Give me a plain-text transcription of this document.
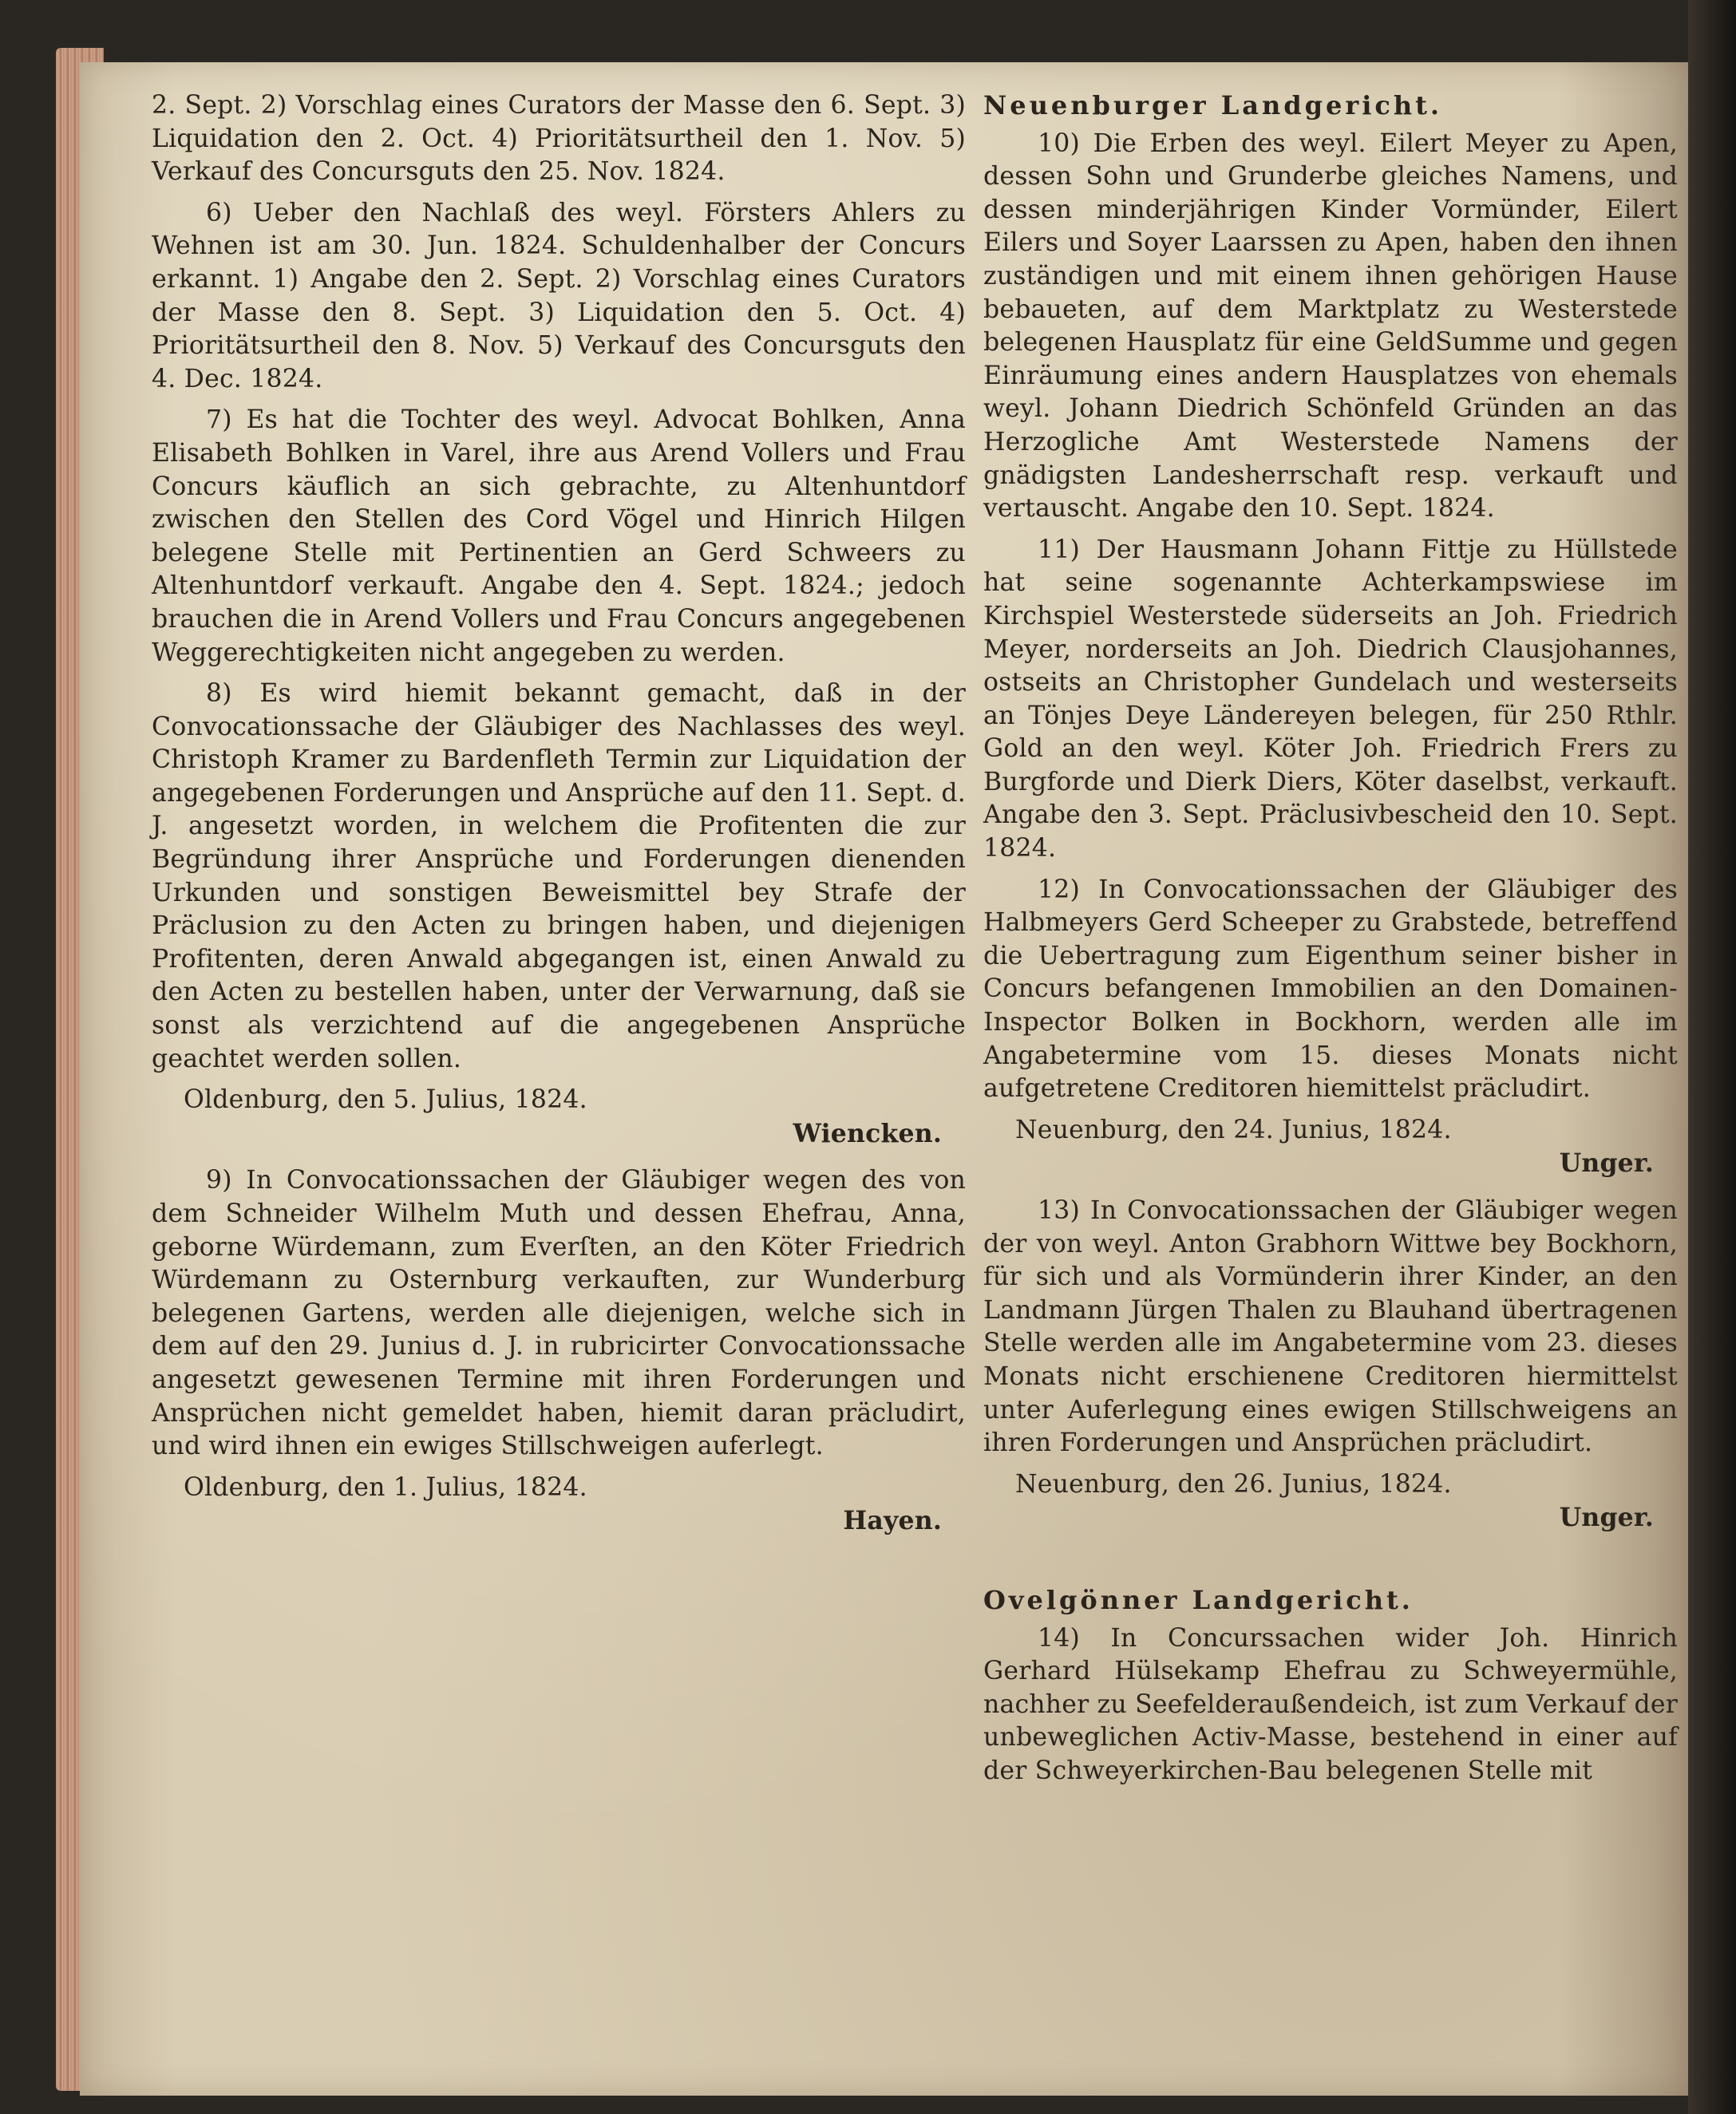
2. Sept. 2) Vorschlag eines Curators der Masse den 6. Sept. 3) Liquidation den 2. Oct. 4) Prioritätsurtheil den 1. Nov. 5) Verkauf des Concursguts den 25. Nov. 1824.

6) Ueber den Nachlaß des weyl. Försters Ahlers zu Wehnen ist am 30. Jun. 1824. Schuldenhalber der Concurs erkannt. 1) Angabe den 2. Sept. 2) Vorschlag eines Curators der Masse den 8. Sept. 3) Liquidation den 5. Oct. 4) Prioritätsurtheil den 8. Nov. 5) Verkauf des Concursguts den 4. Dec. 1824.

7) Es hat die Tochter des weyl. Advocat Bohlken, Anna Elisabeth Bohlken in Varel, ihre aus Arend Vollers und Frau Concurs käuflich an sich gebrachte, zu Altenhuntdorf zwischen den Stellen des Cord Vögel und Hinrich Hilgen belegene Stelle mit Pertinentien an Gerd Schweers zu Altenhuntdorf verkauft. Angabe den 4. Sept. 1824.; jedoch brauchen die in Arend Vollers und Frau Concurs angegebenen Weggerechtigkeiten nicht angegeben zu werden.

8) Es wird hiemit bekannt gemacht, daß in der Convocationssache der Gläubiger des Nachlasses des weyl. Christoph Kramer zu Bardenfleth Termin zur Liquidation der angegebenen Forderungen und Ansprüche auf den 11. Sept. d. J. angesetzt worden, in welchem die Profitenten die zur Begründung ihrer Ansprüche und Forderungen dienenden Urkunden und sonstigen Beweismittel bey Strafe der Präclusion zu den Acten zu bringen haben, und diejenigen Profitenten, deren Anwald abgegangen ist, einen Anwald zu den Acten zu bestellen haben, unter der Verwarnung, daß sie sonst als verzichtend auf die angegebenen Ansprüche geachtet werden sollen.

Oldenburg, den 5. Julius, 1824.

Wiencken.

9) In Convocationssachen der Gläubiger wegen des von dem Schneider Wilhelm Muth und dessen Ehefrau, Anna, geborne Würdemann, zum Everſten, an den Köter Friedrich Würdemann zu Osternburg verkauften, zur Wunderburg belegenen Gartens, werden alle diejenigen, welche sich in dem auf den 29. Junius d. J. in rubricirter Convocationssache angesetzt gewesenen Termine mit ihren Forderungen und Ansprüchen nicht gemeldet haben, hiemit daran präcludirt, und wird ihnen ein ewiges Stillschweigen auferlegt.

Oldenburg, den 1. Julius, 1824.

Hayen.

Neuenburger Landgericht.

10) Die Erben des weyl. Eilert Meyer zu Apen, dessen Sohn und Grunderbe gleiches Namens, und dessen minderjährigen Kinder Vormünder, Eilert Eilers und Soyer Laarssen zu Apen, haben den ihnen zuständigen und mit einem ihnen gehörigen Hause bebaueten, auf dem Marktplatz zu Westerstede belegenen Hausplatz für eine GeldSumme und gegen Einräumung eines andern Hausplatzes von ehemals weyl. Johann Diedrich Schönfeld Gründen an das Herzogliche Amt Westerstede Namens der gnädigsten Landesherrschaft resp. verkauft und vertauscht. Angabe den 10. Sept. 1824.

11) Der Hausmann Johann Fittje zu Hüllstede hat seine sogenannte Achterkampswiese im Kirchspiel Westerstede süderseits an Joh. Friedrich Meyer, norderseits an Joh. Diedrich Clausjohannes, ostseits an Christopher Gundelach und westerseits an Tönjes Deye Ländereyen belegen, für 250 Rthlr. Gold an den weyl. Köter Joh. Friedrich Frers zu Burgforde und Dierk Diers, Köter daselbst, verkauft. Angabe den 3. Sept. Präclusivbescheid den 10. Sept. 1824.

12) In Convocationssachen der Gläubiger des Halbmeyers Gerd Scheeper zu Grabstede, betreffend die Uebertragung zum Eigenthum seiner bisher in Concurs befangenen Immobilien an den Domainen-Inspector Bolken in Bockhorn, werden alle im Angabetermine vom 15. dieses Monats nicht aufgetretene Creditoren hiemittelst präcludirt.

Neuenburg, den 24. Junius, 1824.

Unger.

13) In Convocationssachen der Gläubiger wegen der von weyl. Anton Grabhorn Wittwe bey Bockhorn, für sich und als Vormünderin ihrer Kinder, an den Landmann Jürgen Thalen zu Blauhand übertragenen Stelle werden alle im Angabetermine vom 23. dieses Monats nicht erschienene Creditoren hiermittelst unter Auferlegung eines ewigen Stillschweigens an ihren Forderungen und Ansprüchen präcludirt.

Neuenburg, den 26. Junius, 1824.

Unger.

Ovelgönner Landgericht.

14) In Concurssachen wider Joh. Hinrich Gerhard Hülsekamp Ehefrau zu Schweyermühle, nachher zu Seefelderaußendeich, ist zum Verkauf der unbeweglichen Activ-Masse, bestehend in einer auf der Schweyerkirchen-Bau belegenen Stelle mit
